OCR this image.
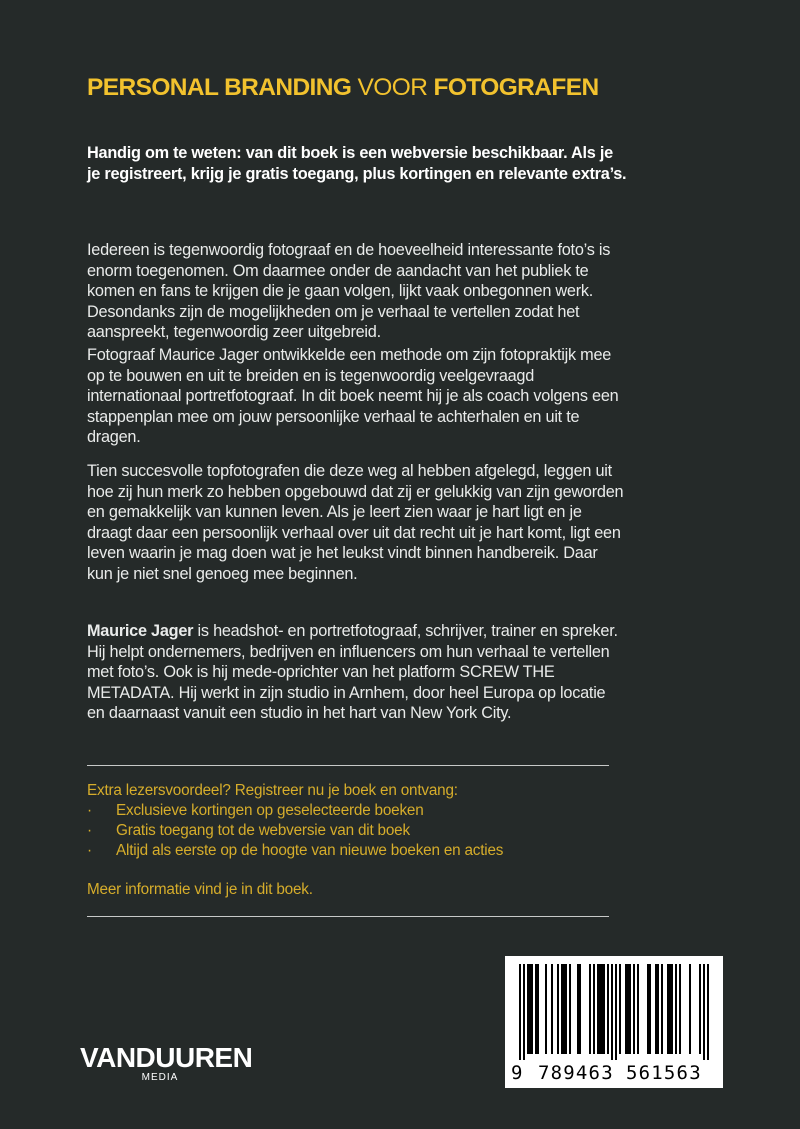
PERSONAL BRANDING VOOR FOTOGRAFEN

Handig om te weten: van dit boek is een webversie beschikbaar. Als je je registreert, krijg je gratis toegang, plus kortingen en relevante extra’s.

Iedereen is tegenwoordig fotograaf en de hoeveelheid interessante foto’s is enorm toegenomen. Om daarmee onder de aandacht van het publiek te komen en fans te krijgen die je gaan volgen, lijkt vaak onbegonnen werk. Desondanks zijn de mogelijkheden om je verhaal te vertellen zodat het aanspreekt, tegenwoordig zeer uitgebreid.

Fotograaf Maurice Jager ontwikkelde een methode om zijn fotopraktijk mee op te bouwen en uit te breiden en is tegenwoordig veelgevraagd internationaal portretfotograaf. In dit boek neemt hij je als coach volgens een stappenplan mee om jouw persoonlijke verhaal te achterhalen en uit te dragen.

Tien succesvolle topfotografen die deze weg al hebben afgelegd, leggen uit hoe zij hun merk zo hebben opgebouwd dat zij er gelukkig van zijn geworden en gemakkelijk van kunnen leven. Als je leert zien waar je hart ligt en je draagt daar een persoonlijk verhaal over uit dat recht uit je hart komt, ligt een leven waarin je mag doen wat je het leukst vindt binnen handbereik. Daar kun je niet snel genoeg mee beginnen.

Maurice Jager is headshot- en portretfotograaf, schrijver, trainer en spreker. Hij helpt ondernemers, bedrijven en influencers om hun verhaal te vertellen met foto’s. Ook is hij mede-oprichter van het platform SCREW THE METADATA. Hij werkt in zijn studio in Arnhem, door heel Europa op locatie en daarnaast vanuit een studio in het hart van New York City.

Extra lezersvoordeel? Registreer nu je boek en ontvang:
· Exclusieve kortingen op geselecteerde boeken
· Gratis toegang tot de webversie van dit boek
· Altijd als eerste op de hoogte van nieuwe boeken en acties
Meer informatie vind je in dit boek.
VANDUUREN
MEDIA	9 789463 561563
